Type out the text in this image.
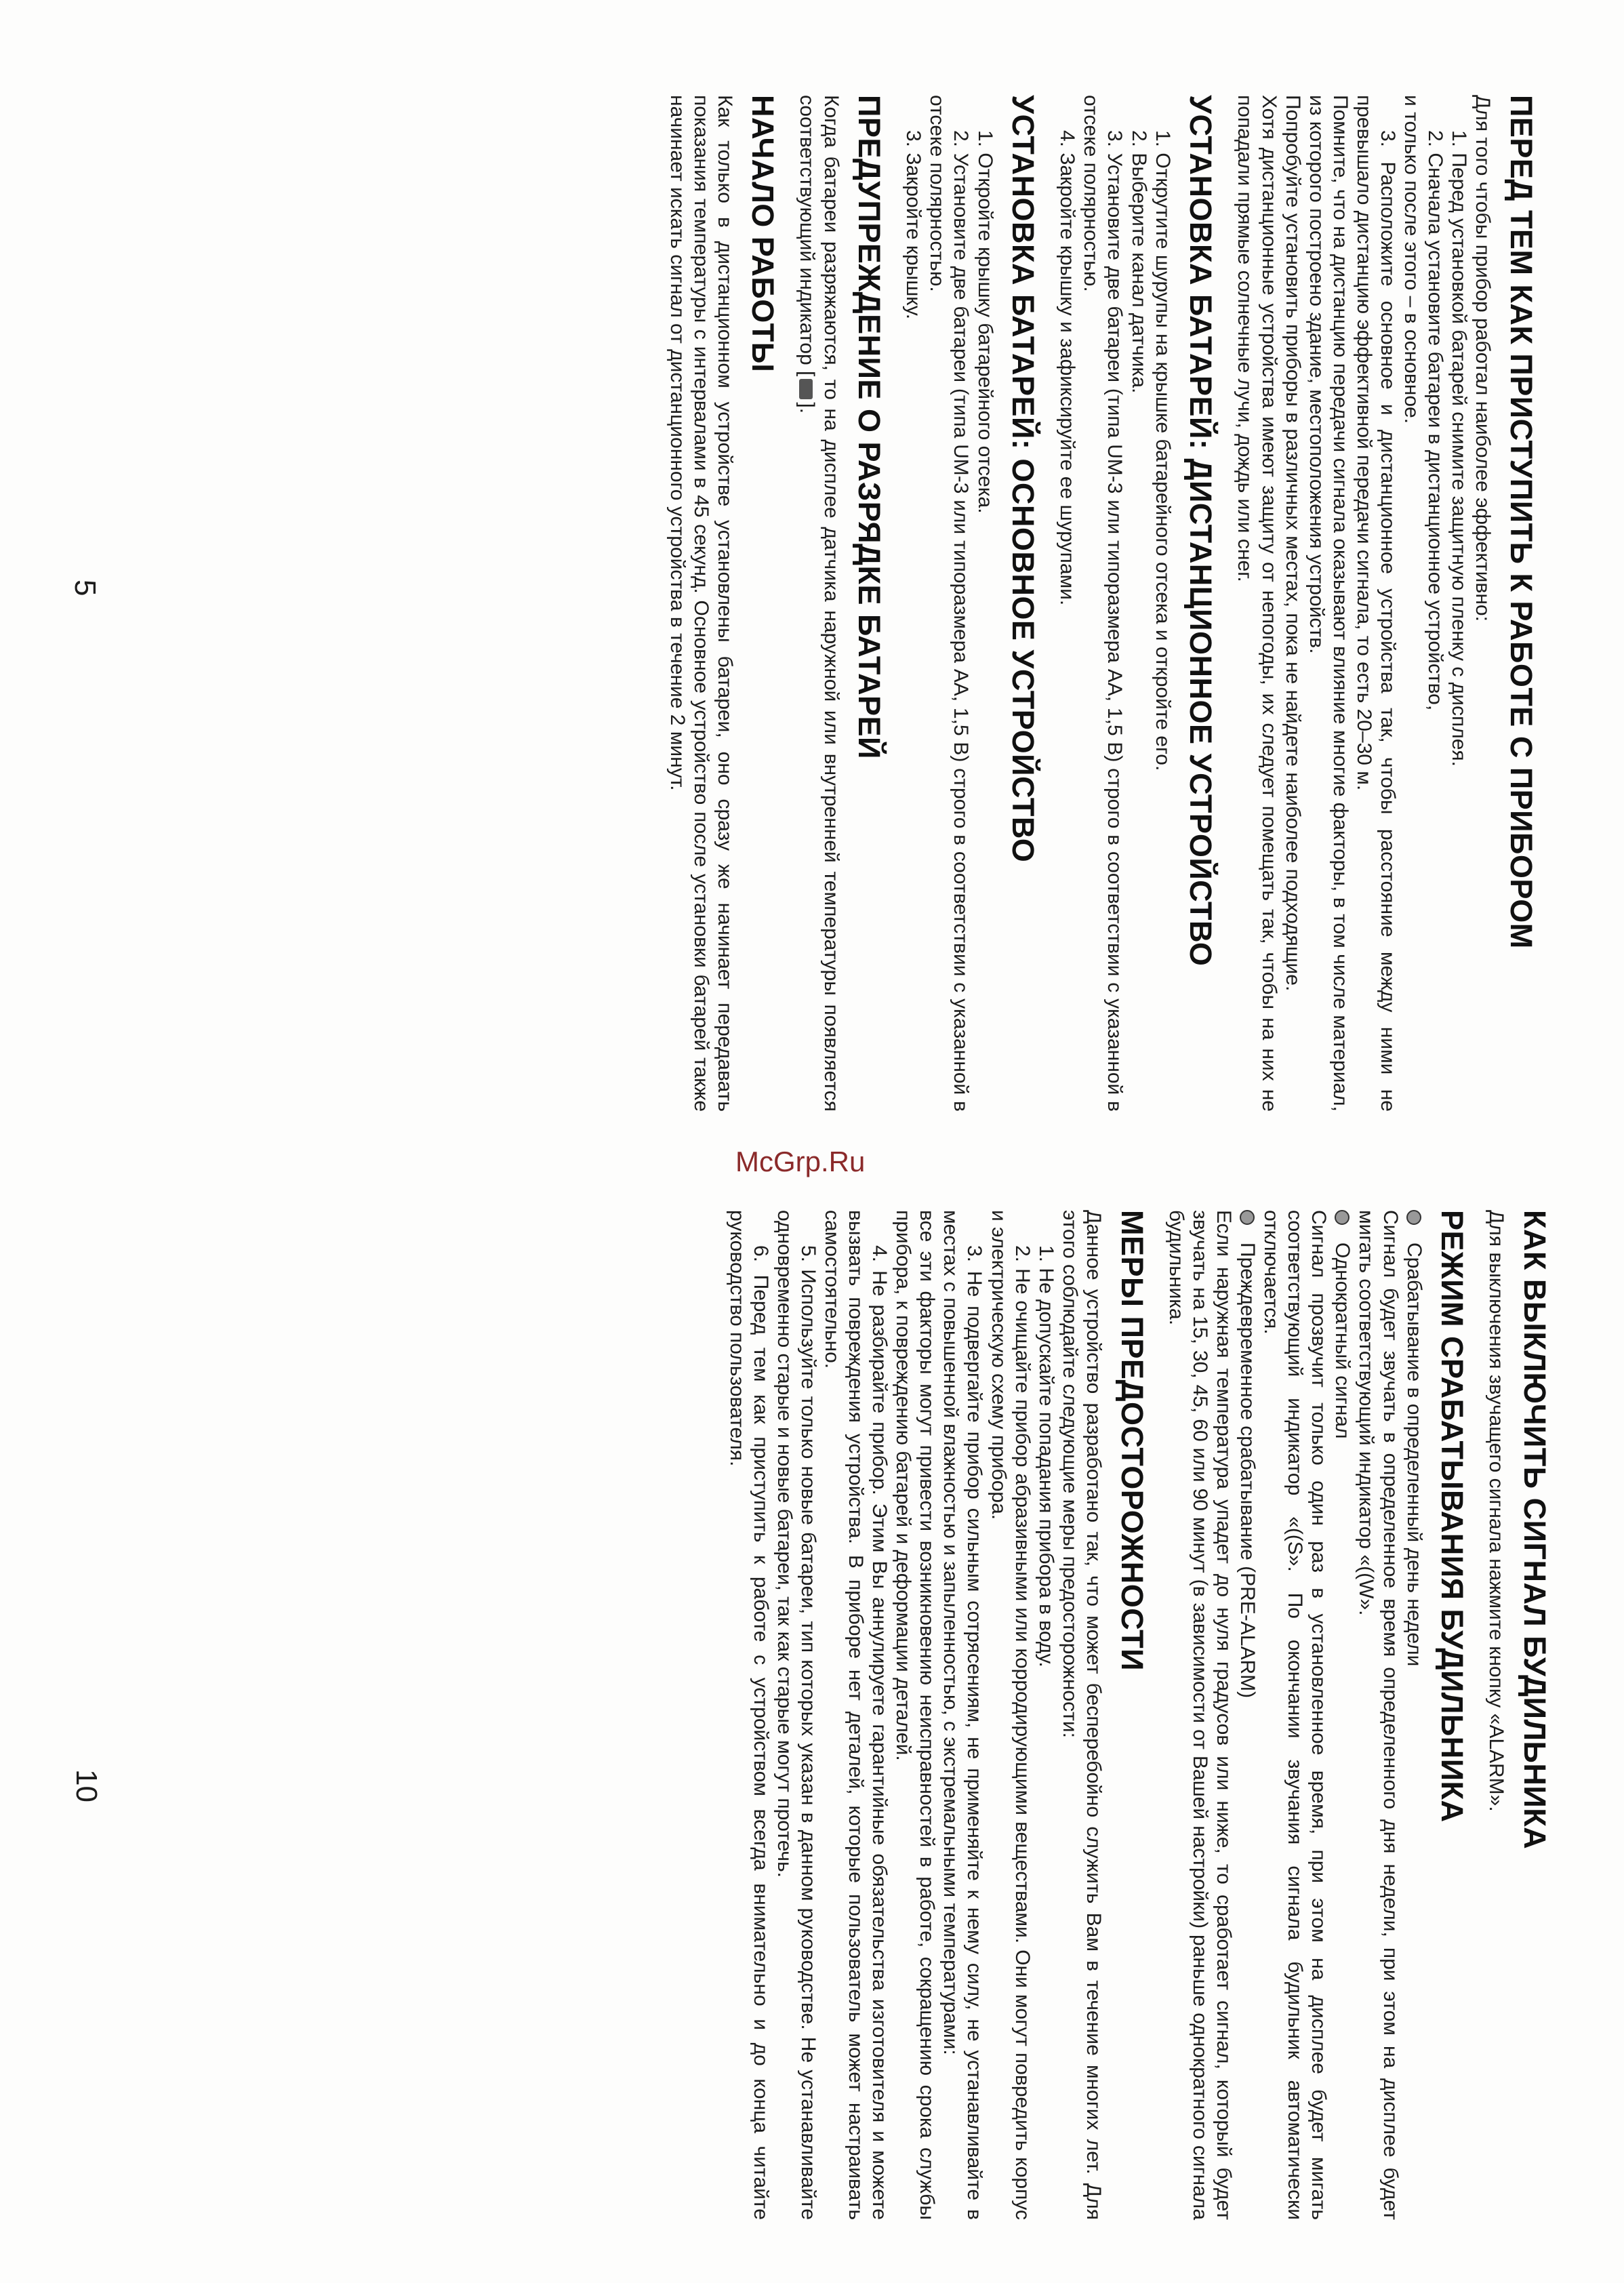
McGrp.Ru
5
10
ПЕРЕД ТЕМ КАК ПРИСТУПИТЬ К РАБОТЕ С ПРИБОРОМ

Для того чтобы прибор работал наиболее эффективно:

1. Перед установкой батарей снимите защитную пленку с дисплея.

2. Сначала установите батареи в дистанционное устройство,

и только после этого – в основное.

3. Расположите основное и дистанционное устройства так, чтобы расстояние между ними не превышало дистанцию эффективной передачи сигнала, то есть 20–30 м.

Помните, что на дистанцию передачи сигнала оказывают влияние многие факторы, в том числе материал, из которого построено здание, местоположения устройств.

Попробуйте установить приборы в различных местах, пока не найдете наиболее подходящие.

Хотя дистанционные устройства имеют защиту от непогоды, их следует помещать так, чтобы на них не попадали прямые солнечные лучи, дождь или снег.

УСТАНОВКА БАТАРЕЙ: ДИСТАНЦИОННОЕ УСТРОЙСТВО

1. Открутите шурупы на крышке батарейного отсека и откройте его.

2. Выберите канал датчика.

3. Установите две батареи (типа UM-3 или типоразмера AA, 1,5 В) строго в соответствии с указанной в отсеке полярностью.

4. Закройте крышку и зафиксируйте ее шурупами.

УСТАНОВКА БАТАРЕЙ: ОСНОВНОЕ УСТРОЙСТВО

1. Откройте крышку батарейного отсека.

2. Установите две батареи (типа UM-3 или типоразмера AA, 1,5 В) строго в соответствии с указанной в отсеке полярностью.

3. Закройте крышку.

ПРЕДУПРЕЖДЕНИЕ О РАЗРЯДКЕ БАТАРЕЙ

Когда батареи разряжаются, то на дисплее датчика наружной или внутренней температуры появляется соответствующий индикатор [].

НАЧАЛО РАБОТЫ

Как только в дистанционном устройстве установлены батареи, оно сразу же начинает передавать показания температуры с интервалами в 45 секунд. Основное устройство после установки батарей также начинает искать сигнал от дистанционного устройства в течение 2 минут.

КАК ВЫКЛЮЧИТЬ СИГНАЛ БУДИЛЬНИКА

Для выключения звучащего сигнала нажмите кнопку «ALARM».

РЕЖИМ СРАБАТЫВАНИЯ БУДИЛЬНИКА
Срабатывание в определенный день недели

Сигнал будет звучать в определенное время определенного дня недели, при этом на дисплее будет мигать соответствующий индикатор «((W».

Однократный сигнал

Сигнал прозвучит только один раз в установленное время, при этом на дисплее будет мигать соответствующий индикатор «((S». По окончании звучания сигнала будильник автоматически отключается.

Преждевременное срабатывание (PRE-ALARM)

Если наружная температура упадет до нуля градусов или ниже, то сработает сигнал, который будет звучать на 15, 30, 45, 60 или 90 минут (в зависимости от Вашей настройки) раньше однократного сигнала будильника.

МЕРЫ ПРЕДОСТОРОЖНОСТИ

Данное устройство разработано так, что может бесперебойно служить Вам в течение многих лет. Для этого соблюдайте следующие меры предосторожности:

1. Не допускайте попадания прибора в воду.

2. Не очищайте прибор абразивными или корродирующими веществами. Они могут повредить корпус и электрическую схему прибора.

3. Не подвергайте прибор сильным сотрясениям, не применяйте к нему силу, не устанавливайте в местах с повышенной влажностью и запыленностью, с экстремальными температурами:

все эти факторы могут привести возникновению неисправностей в работе, сокращению срока службы прибора, к повреждению батарей и деформации деталей.

4. Не разбирайте прибор. Этим Вы аннулируете гарантийные обязательства изготовителя и можете вызвать повреждения устройства. В приборе нет деталей, которые пользователь может настраивать самостоятельно.

5. Используйте только новые батареи, тип которых указан в данном руководстве. Не устанавливайте одновременно старые и новые батареи, так как старые могут протечь.

6. Перед тем как приступить к работе с устройством всегда внимательно и до конца читайте руководство пользователя.
